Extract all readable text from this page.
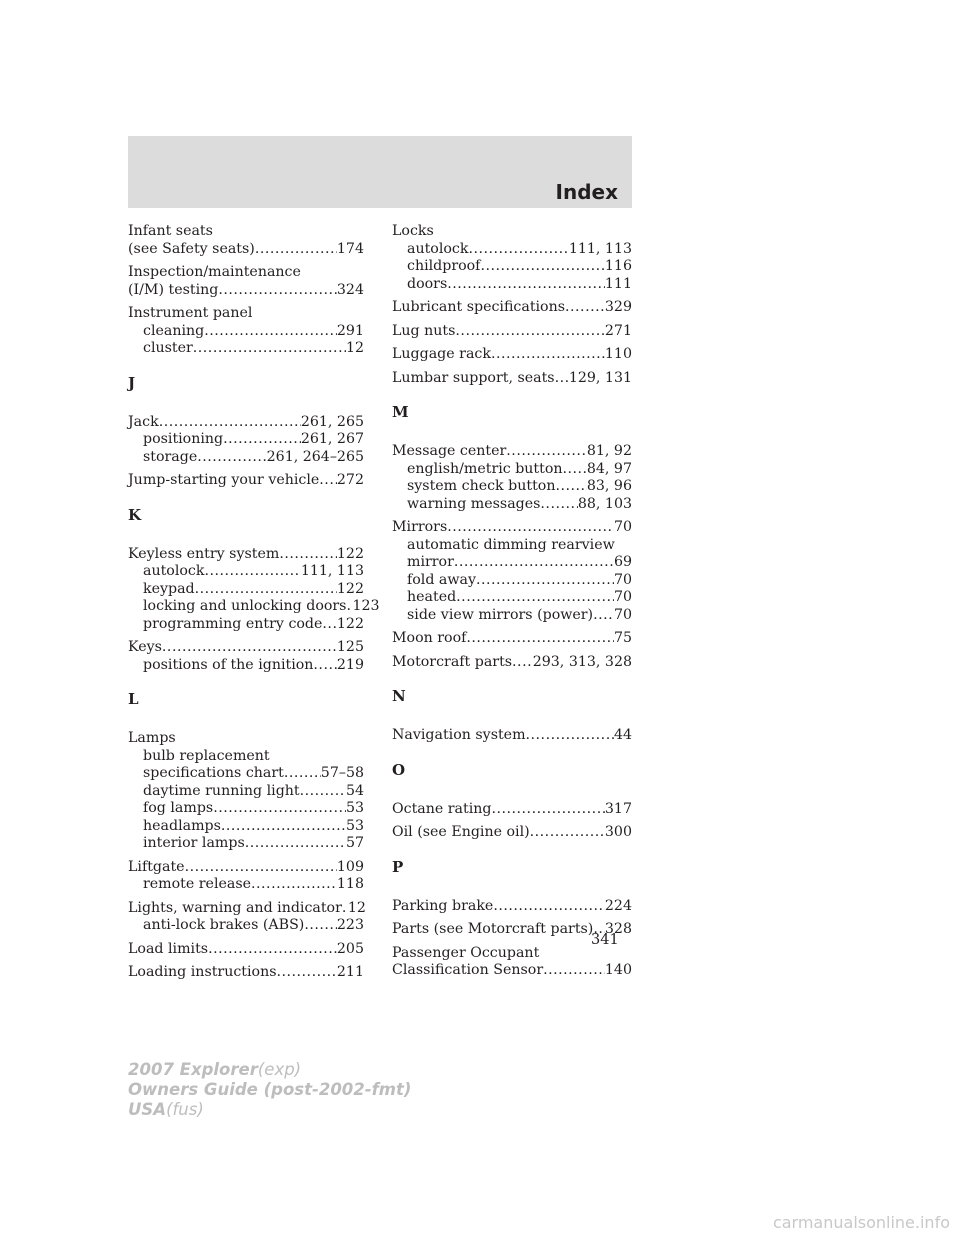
Index
Infant seats
(see Safety seats) .....	174
Inspection/maintenance
(I/M) testing .....	324
Instrument panel
cleaning .....	291
cluster .....	12
J
Jack .....	261, 265
positioning .....	261, 267
storage .....	261, 264–265
Jump-starting your vehicle ..... 272
K
Keyless entry system .....	122
autolock .....	111, 113
keypad .....	122
locking and unlocking doors ..... 123
programming entry code ..... 122
Keys .....	125
positions of the ignition ..... 219
L
Lamps
bulb replacement
specifications chart .....	57–58
daytime running light .....	54
fog lamps .....	53
headlamps .....	53
interior lamps .....	57
Liftgate .....	109
remote release .....	118
Lights, warning and indicator ..... 12
anti-lock brakes (ABS) ..... 223
Load limits .....	205
Loading instructions .....	211
Locks
autolock .....	111, 113
childproof .....	116
doors .....	111
Lubricant specifications .....	329
Lug nuts .....	271
Luggage rack .....	110
Lumbar support, seats ..... 129, 131
M
Message center .....	81, 92
english/metric button ..... 84, 97
system check button ..... 83, 96
warning messages .....	88, 103
Mirrors .....	70
automatic dimming rearview
mirror .....	69
fold away .....	70
heated .....	70
side view mirrors (power) ..... 70
Moon roof .....	75
Motorcraft parts ..... 293, 313, 328
N
Navigation system .....	44
O
Octane rating .....	317
Oil (see Engine oil) .....	300
P
Parking brake .....	224
Parts (see Motorcraft parts) ..... 328
Passenger Occupant
Classification Sensor .....	140
341
2007 Explorer(exp)
Owners Guide (post-2002-fmt)
USA(fus)
carmanualsonline.info
